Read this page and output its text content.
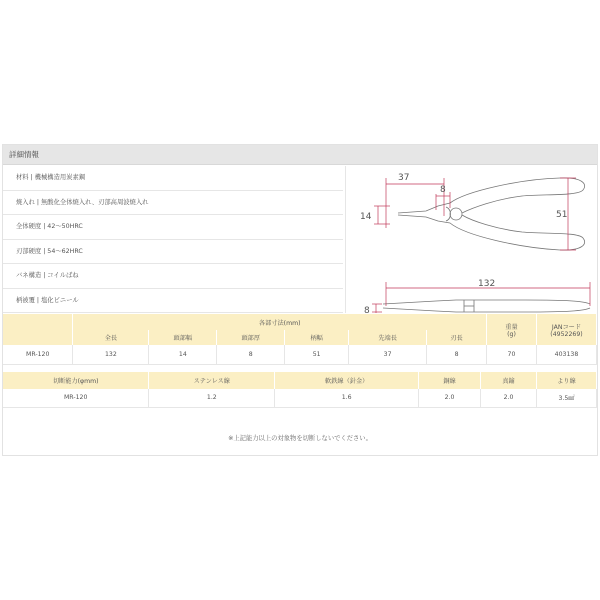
詳細情報
材料 | 機械構造用炭素鋼
焼入れ | 無酸化全体焼入れ、刃部高周波焼入れ
全体硬度 | 42～50HRC
刃部硬度 | 54～62HRC
バネ構造 | コイルばね
柄被覆 | 塩化ビニール
表面処理 | 防錆油使用
37
8
14	51
132
8
	各部寸法(mm)						重量
(g)	JANコード
(4952269)
	全長	頭部幅	頭部厚	柄幅	先端長	刃長		
MR-120	132	14	8	51	37	8	70	403138
切断能力(φmm)	ステンレス線	軟鉄線（針金）	銅線	真鍮	より線
MR-120	1.2	1.6	2.0	2.0	3.5㎟
※上記能力以上の対象物を切断しないでください。
